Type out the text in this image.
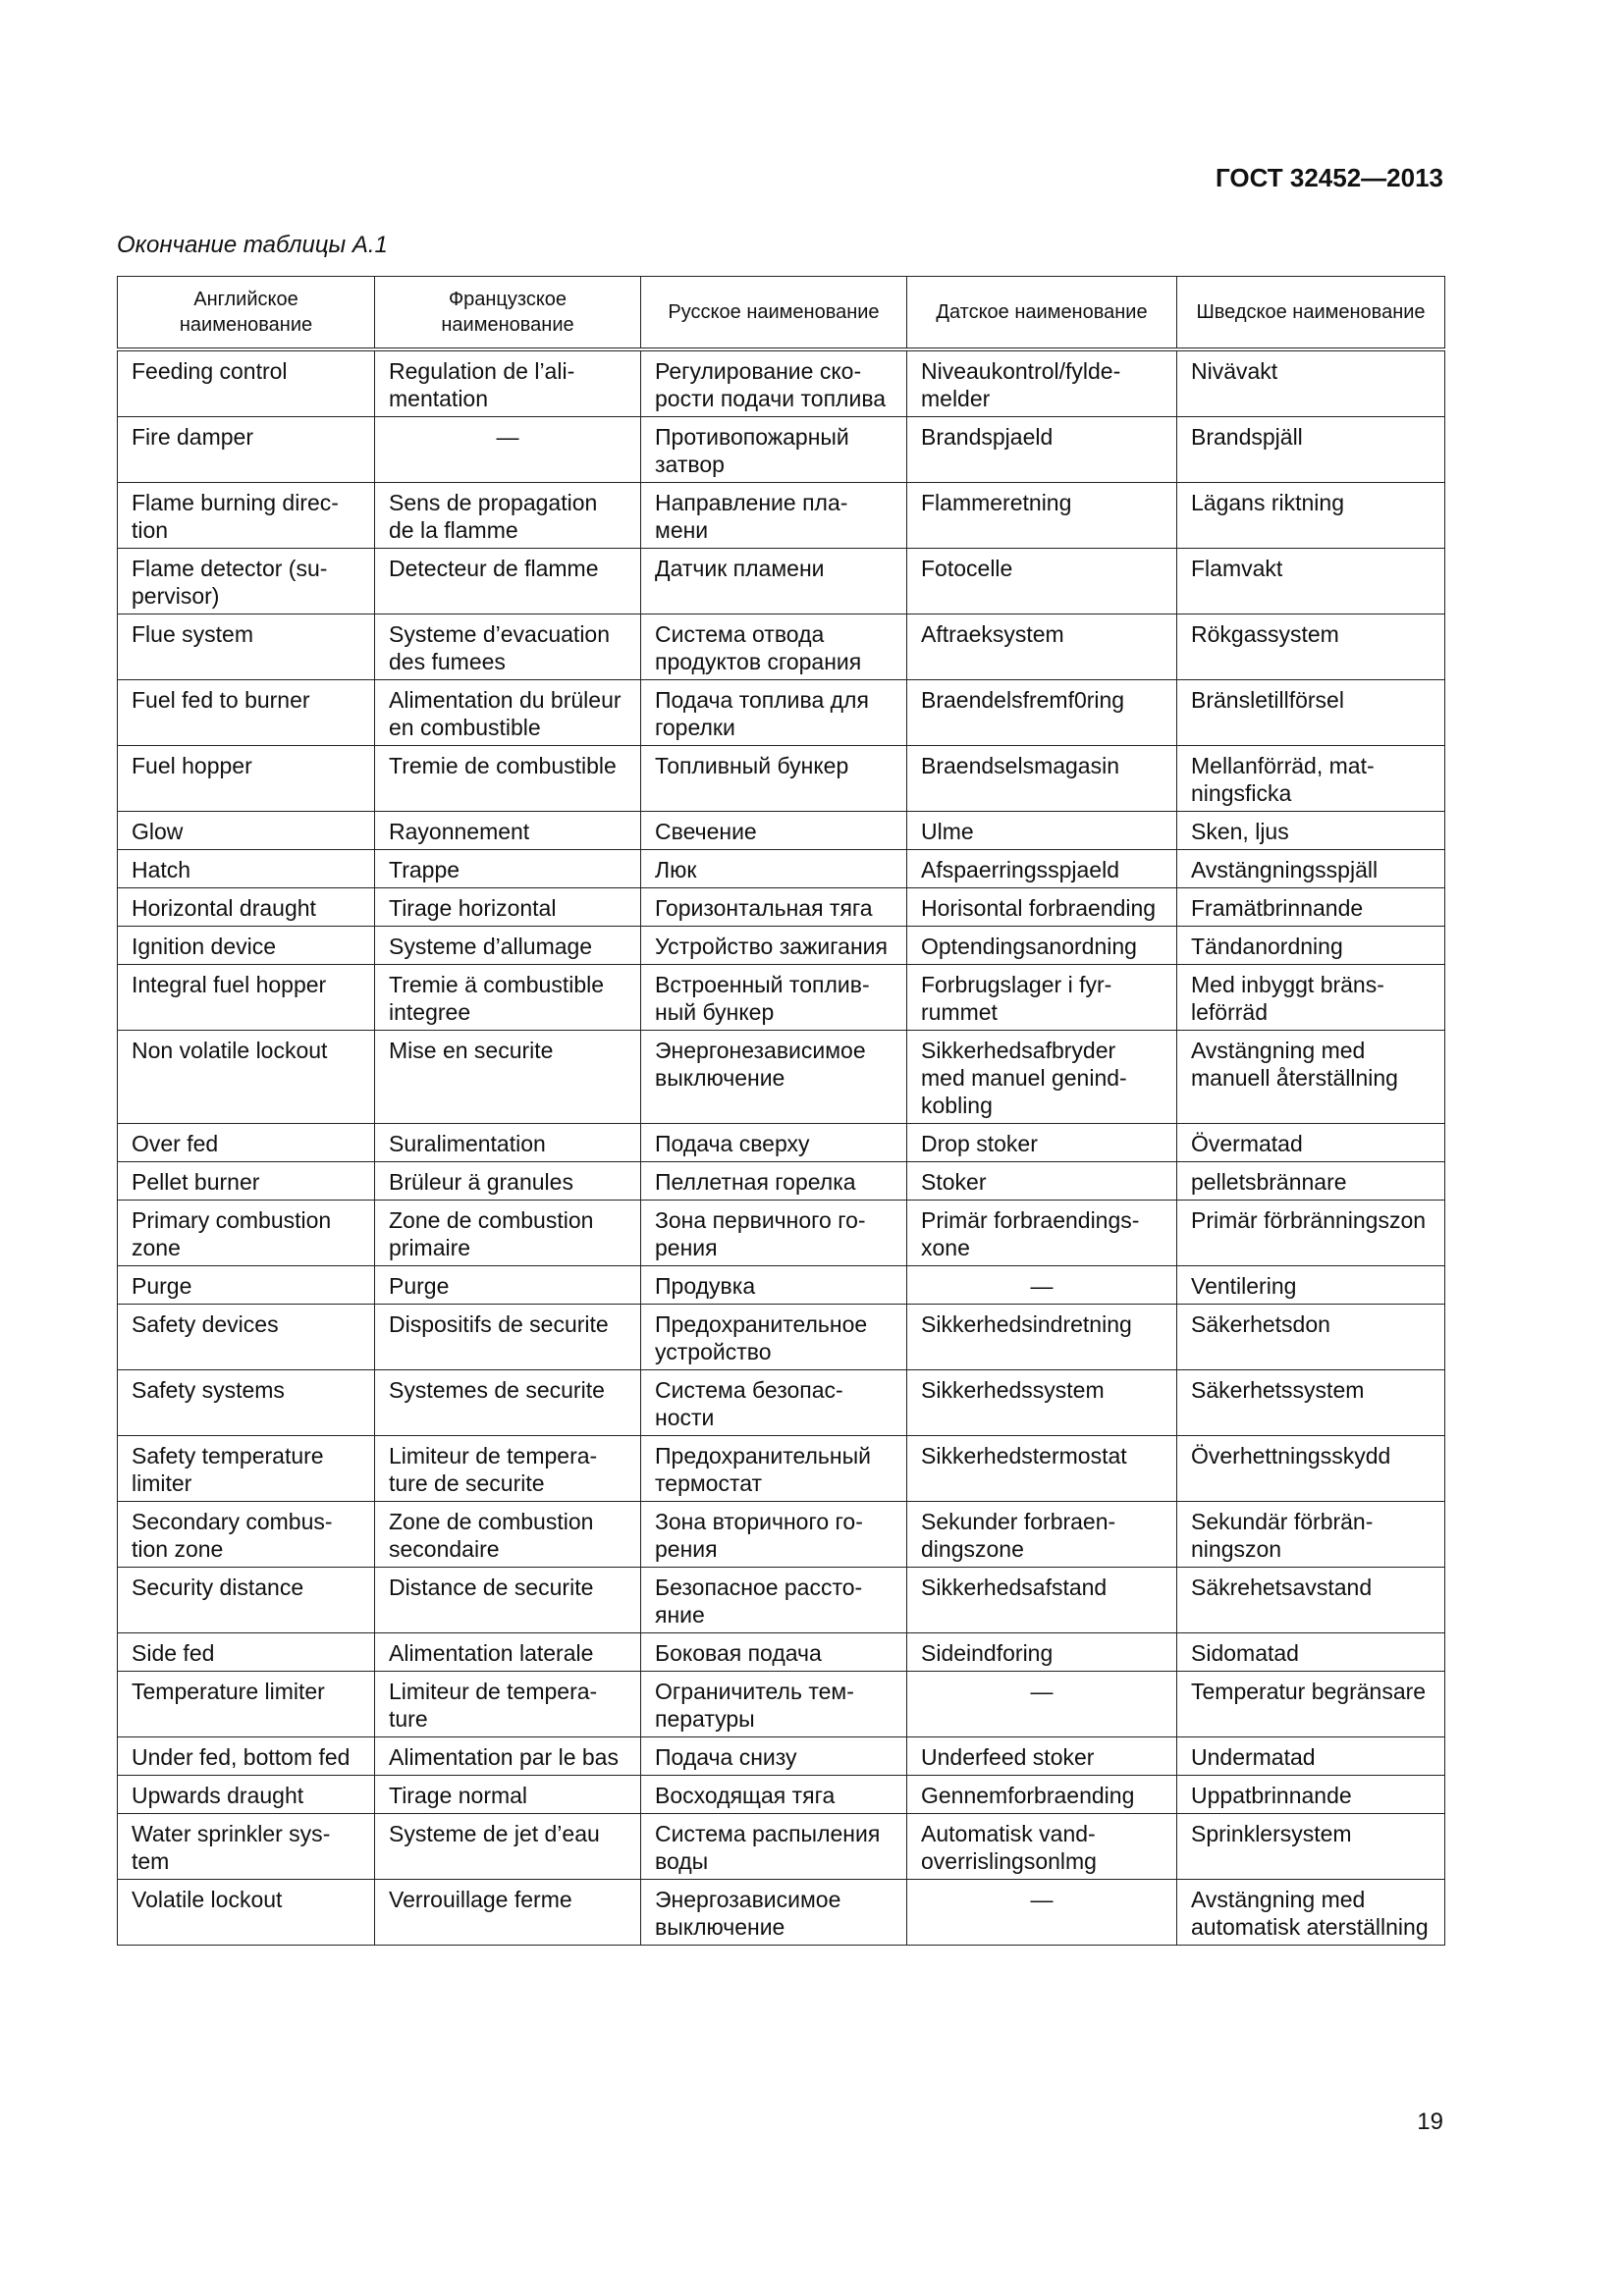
ГОСТ 32452—2013
Окончание таблицы А.1
Английское наименование	Французское наименование	Русское наименование	Датское наименование	Шведское наименование
Feeding control	Regulation de l’alimentation	Регулирование скорости подачи топлива	Niveaukontrol/fyldemelder	Nivävakt
Fire damper	—	Противопожарный затвор	Brandspjaeld	Brandspjäll
Flame burning direction	Sens de propagation de la flamme	Направление пламени	Flammeretning	Lägans riktning
Flame detector (supervisor)	Detecteur de flamme	Датчик пламени	Fotocelle	Flamvakt
Flue system	Systeme d’evacuation des fumees	Система отвода продуктов сгорания	Aftraeksystem	Rökgassystem
Fuel fed to burner	Alimentation du brüleur en combustible	Подача топлива для горелки	Braendelsfremf0ring	Bränsletillförsel
Fuel hopper	Tremie de combustible	Топливный бункер	Braendselsmagasin	Mellanförräd, matningsficka
Glow	Rayonnement	Свечение	Ulme	Sken, ljus
Hatch	Trappe	Люк	Afspaerringsspjaeld	Avstängningsspjäll
Horizontal draught	Tirage horizontal	Горизонтальная тяга	Horisontal forbraending	Framätbrinnande
Ignition device	Systeme d’allumage	Устройство зажигания	Optendingsanordning	Tändanordning
Integral fuel hopper	Tremie ä combustible integree	Встроенный топливный бункер	Forbrugslager i fyrrummet	Med inbyggt bränsleförräd
Non volatile lockout	Mise en securite	Энергонезависимое выключение	Sikkerhedsafbryder med manuel genindkobling	Avstängning med manuell återställning
Over fed	Suralimentation	Подача сверху	Drop stoker	Övermatad
Pellet burner	Brüleur ä granules	Пеллетная горелка	Stoker	pelletsbrännare
Primary combustion zone	Zone de combustion primaire	Зона первичного горения	Primär forbraendingsxone	Primär förbränningszon
Purge	Purge	Продувка	—	Ventilering
Safety devices	Dispositifs de securite	Предохранительное устройство	Sikkerhedsindretning	Säkerhetsdon
Safety systems	Systemes de securite	Система безопасности	Sikkerhedssystem	Säkerhetssystem
Safety temperature limiter	Limiteur de temperature de securite	Предохранительный термостат	Sikkerhedstermostat	Överhettningsskydd
Secondary combustion zone	Zone de combustion secondaire	Зона вторичного горения	Sekunder forbraendingszone	Sekundär förbränningszon
Security distance	Distance de securite	Безопасное расстояние	Sikkerhedsafstand	Säkrehetsavstand
Side fed	Alimentation laterale	Боковая подача	Sideindforing	Sidomatad
Temperature limiter	Limiteur de temperature	Ограничитель температуры	—	Temperatur begränsare
Under fed, bottom fed	Alimentation par le bas	Подача снизу	Underfeed stoker	Undermatad
Upwards draught	Tirage normal	Восходящая тяга	Gennemforbraending	Uppatbrinnande
Water sprinkler system	Systeme de jet d’eau	Система распыления воды	Automatisk vandoverrislingsonlmg	Sprinklersystem
Volatile lockout	Verrouillage ferme	Энергозависимое выключение	—	Avstängning med automatisk aterställning
19
